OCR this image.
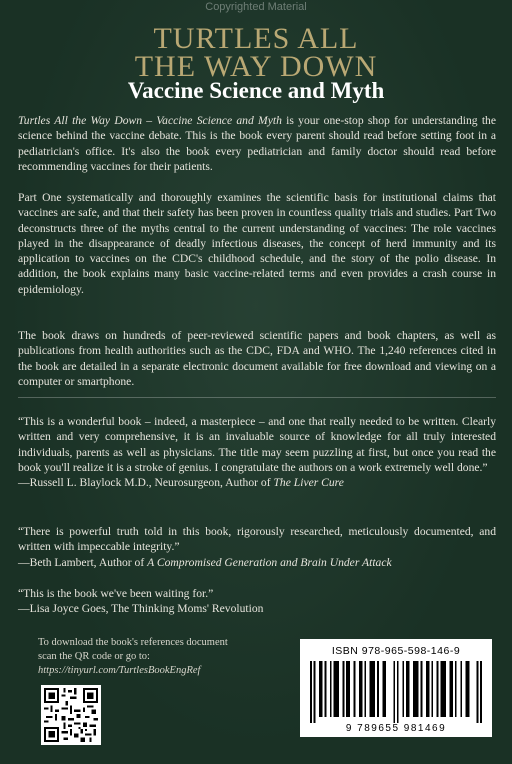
Copyrighted Material
TURTLES ALL
THE WAY DOWN
Vaccine Science and Myth

Turtles All the Way Down – Vaccine Science and Myth is your one-stop shop for understanding the science behind the vaccine debate. This is the book every parent should read before setting foot in a pediatrician's office. It's also the book every pediatrician and family doctor should read before recommending vaccines for their patients.

Part One systematically and thoroughly examines the scientific basis for institutional claims that vaccines are safe, and that their safety has been proven in countless quality trials and studies. Part Two deconstructs three of the myths central to the current understanding of vaccines: The role vaccines played in the disappearance of deadly infectious diseases, the concept of herd immunity and its application to vaccines on the CDC's childhood schedule, and the story of the polio disease. In addition, the book explains many basic vaccine-related terms and even provides a crash course in epidemiology.

The book draws on hundreds of peer-reviewed scientific papers and book chapters, as well as publications from health authorities such as the CDC, FDA and WHO. The 1,240 references cited in the book are detailed in a separate electronic document available for free download and viewing on a computer or smartphone.

“This is a wonderful book – indeed, a masterpiece – and one that really needed to be written. Clearly written and very comprehensive, it is an invaluable source of knowledge for all truly interested individuals, parents as well as physicians. The title may seem puzzling at first, but once you read the book you'll realize it is a stroke of genius. I congratulate the authors on a work extremely well done.”
—Russell L. Blaylock M.D., Neurosurgeon, Author of The Liver Cure
“There is powerful truth told in this book, rigorously researched, meticulously documented, and written with impeccable integrity.”
—Beth Lambert, Author of A Compromised Generation and Brain Under Attack
“This is the book we've been waiting for.”
—Lisa Joyce Goes, The Thinking Moms' Revolution
To download the book's references document
scan the QR code or go to:
https://tinyurl.com/TurtlesBookEngRef
ISBN 978-965-598-146-9
9 789655 981469
